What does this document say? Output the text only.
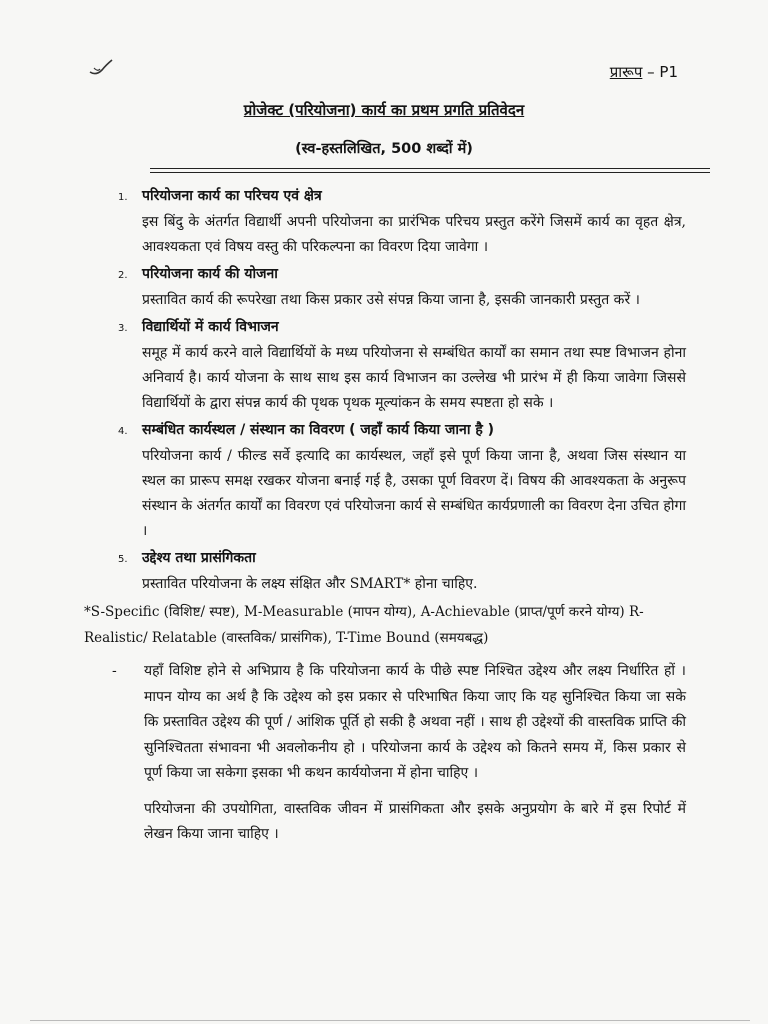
प्रारूप – P1
प्रोजेक्ट (परियोजना) कार्य का प्रथम प्रगति प्रतिवेदन
(स्व-हस्तलिखित, 500 शब्दों में)
1.	परियोजना कार्य का परिचय एवं क्षेत्र
इस बिंदु के अंतर्गत विद्यार्थी अपनी परियोजना का प्रारंभिक परिचय प्रस्तुत करेंगे जिसमें कार्य का वृहत क्षेत्र, आवश्यकता एवं विषय वस्तु की परिकल्पना का विवरण दिया जावेगा ।
2.	परियोजना कार्य की योजना
प्रस्तावित कार्य की रूपरेखा तथा किस प्रकार उसे संपन्न किया जाना है, इसकी जानकारी प्रस्तुत करें ।
3.	विद्यार्थियों में कार्य विभाजन
समूह में कार्य करने वाले विद्यार्थियों के मध्य परियोजना से सम्बंधित कार्यों का समान तथा स्पष्ट विभाजन होना अनिवार्य है। कार्य योजना के साथ साथ इस कार्य विभाजन का उल्लेख भी प्रारंभ में ही किया जावेगा जिससे विद्यार्थियों के द्वारा संपन्न कार्य की पृथक पृथक मूल्यांकन के समय स्पष्टता हो सके ।
4.	सम्बंधित कार्यस्थल / संस्थान का विवरण ( जहाँ कार्य किया जाना है )
परियोजना कार्य / फील्ड सर्वे इत्यादि का कार्यस्थल, जहाँ इसे पूर्ण किया जाना है, अथवा जिस संस्थान या स्थल का प्रारूप समक्ष रखकर योजना बनाई गई है, उसका पूर्ण विवरण दें। विषय की आवश्यकता के अनुरूप संस्थान के अंतर्गत कार्यों का विवरण एवं परियोजना कार्य से सम्बंधित कार्यप्रणाली का विवरण देना उचित होगा ।
5.	उद्देश्य तथा प्रासंगिकता
प्रस्तावित परियोजना के लक्ष्य संक्षित और SMART* होना चाहिए.
*S-Specific (विशिष्ट/ स्पष्ट), M-Measurable (मापन योग्य), A-Achievable (प्राप्त/पूर्ण करने योग्य) R-Realistic/ Relatable (वास्तविक/ प्रासंगिक), T-Time Bound (समयबद्ध)
-	यहाँ विशिष्ट होने से अभिप्राय है कि परियोजना कार्य के पीछे स्पष्ट निश्चित उद्देश्य और लक्ष्य निर्धारित हों । मापन योग्य का अर्थ है कि उद्देश्य को इस प्रकार से परिभाषित किया जाए कि यह सुनिश्चित किया जा सके कि प्रस्तावित उद्देश्य की पूर्ण / आंशिक पूर्ति हो सकी है अथवा नहीं । साथ ही उद्देश्यों की वास्तविक प्राप्ति की सुनिश्चितता संभावना भी अवलोकनीय हो । परियोजना कार्य के उद्देश्य को कितने समय में, किस प्रकार से पूर्ण किया जा सकेगा इसका भी कथन कार्ययोजना में होना चाहिए ।
परियोजना की उपयोगिता, वास्तविक जीवन में प्रासंगिकता और इसके अनुप्रयोग के बारे में इस रिपोर्ट में लेखन किया जाना चाहिए ।
